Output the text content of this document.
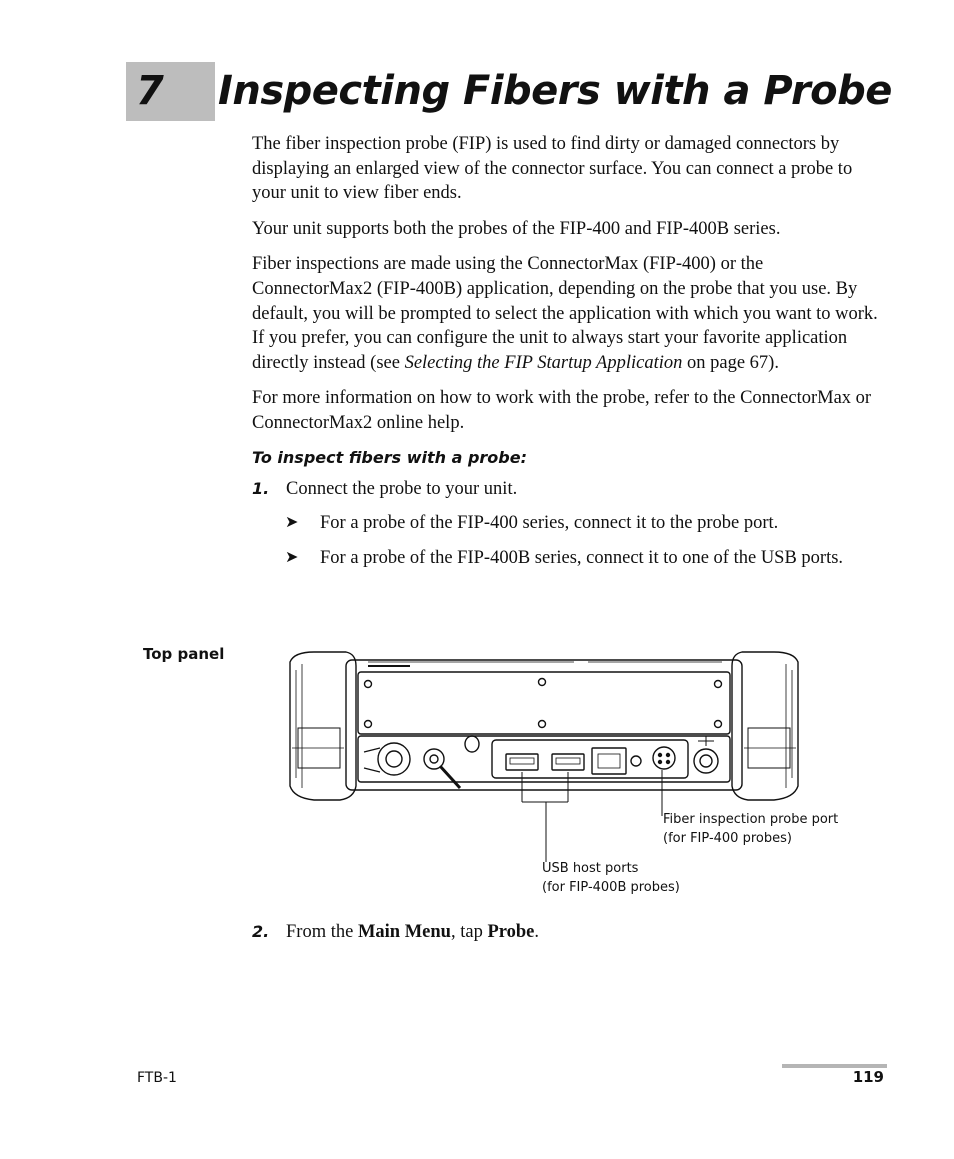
7 Inspecting Fibers with a Probe

The fiber inspection probe (FIP) is used to find dirty or damaged connectors by displaying an enlarged view of the connector surface. You can connect a probe to your unit to view fiber ends.

Your unit supports both the probes of the FIP-400 and FIP-400B series.

Fiber inspections are made using the ConnectorMax (FIP-400) or the ConnectorMax2 (FIP-400B) application, depending on the probe that you use. By default, you will be prompted to select the application with which you want to work. If you prefer, you can configure the unit to always start your favorite application directly instead (see Selecting the FIP Startup Application on page 67).

For more information on how to work with the probe, refer to the ConnectorMax or ConnectorMax2 online help.

To inspect fibers with a probe:
1. Connect the probe to your unit.
➤ For a probe of the FIP-400 series, connect it to the probe port.
➤ For a probe of the FIP-400B series, connect it to one of the USB ports.
Top panel
Fiber inspection probe port
(for FIP-400 probes)
USB host ports
(for FIP-400B probes)
2. From the Main Menu, tap Probe.
FTB-1	119
